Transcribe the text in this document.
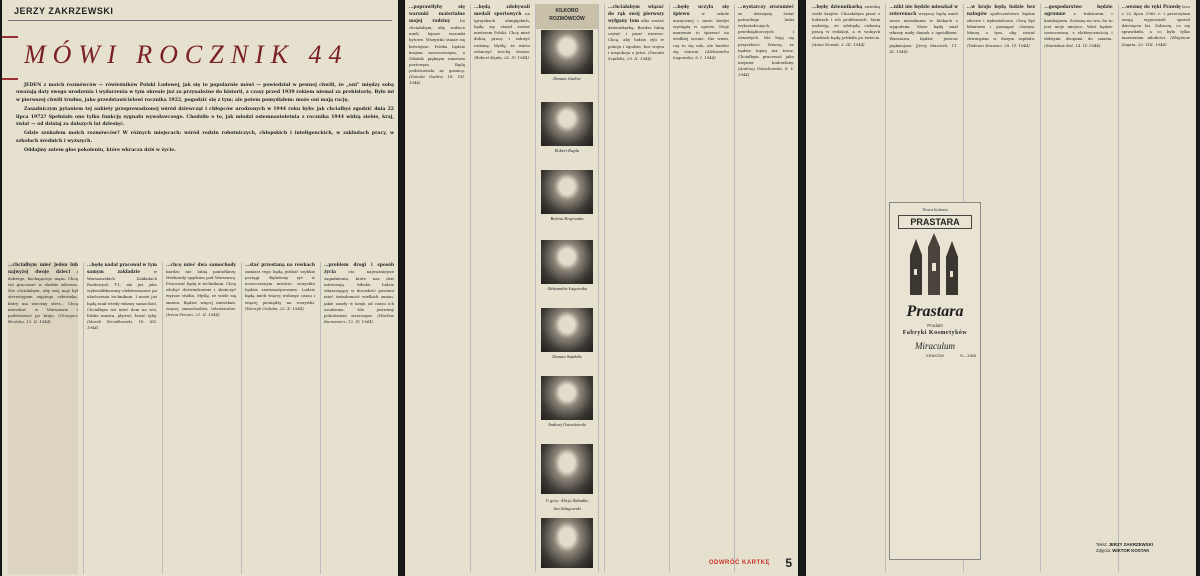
JERZY ZAKRZEWSKI
MÓWI ROCZNIK 44

JEDEN z moich rozmówców — rówieśników Polski Ludowej, jak się to popularnie mówi — powiedział w pewnej chwili, że „oni” między sobą uważają daty swego urodzenia i wydarzenia w tym okresie już za przynależne do historii, a czasy przed 1939 rokiem niemal za prehistorię. Było mi w pierwszej chwili trudno, jako przedstawicielowi rocznika 1922, pogodzić się z tym; ale potem pomyślałem: może oni mają rację.

Zasadniczym pytaniem tej ankiety przeprowadzonej wśród dziewcząt i chłopców urodzonych w 1944 roku było: jak chciałbyś zgodzić dnia 22 lipca 1972? Spełniało ono tylko funkcję sygnału wywoławczego. Chodziło o to, jak młodzi osiemnastoletnia z rocznika 1944 widzą siebie, kraj, świat — od dzisiaj za dalszych lat dziesięć.

Gdzie szukałem moich rozmówców? W różnych miejscach: wśród rodzin robotniczych, chłopskich i inteligenckich, w zakładach pracy, w szkołach średnich i wyższych.

Oddajmy zatem głos pokoleniu, które wkracza dziś w życie.

...chciałbym mieć jeden lub najwyżej dwoje dzieci i dobrego, kochającego męża. Chcę też pracować w służbie zdrowia. Nie chciałabym, aby mój mąż był stereotypem zajętego człowieka, który ma wieczny stres... Chcę mieszkać w Warszawie i podróżować po kraju. (Grzegorz Brzózka, 13. II. 1944)
...będę nadal pracował w tym samym zakładzie	w Warszawskich Zakładach Radiowych T-1, ale już jako wykwalifikowany elektromonter po ukończeniu technikum. I może już będę miał wtedy własny samochód. Chciałbym też mieć dom na wsi, blisko miasta, pływać, łowić ryby. (Marek Strzałkowski, 18. XII. 1944)
...chcę mieć dwa samochody bardzo nie lubię pantoflarzy. Weekendy spędzam pod Warszawą. Pracować będę w technikum. Chcę zdobyć doświadczenie i skończyć wyższe studia. Myślę, że wiele się zmieni. Będzie więcej mieszkań, więcej samochodów, telewizorów. (Irena Perzan, 21. II. 1944)
...stać przestaną na rowkach zamiast tego będą jeździć szybkie pociągi. Będziemy żyć w nowoczesnym mieście, wszystko będzie zautomatyzowane. Ludzie będą mieli więcej wolnego czasu i więcej pieniędzy na rozrywki. (Henryk Ozdoba, 25. X. 1944)
...problem drogi i sposób życia	oto najważniejsze zagadnienia, które nas dziś interesują. Młodzi ludzie wkraczający w dorosłość powinni mieć świadomość wielkich zmian, jakie zaszły w kraju od czasu ich urodzenia. Nie jesteśmy pokoleniem straconym. (Wacław Bursiewicz, 12. IV. 1944)
...poprawiłyby się warunki materialne mojej rodziny	bo chciałabym, aby rodzice mieli lepsze warunki bytowe. Wszystko stanie się łatwiejsze. Polska będzie krajem nowoczesnym, a Gdańsk pięknym miastem portowym. Będę podróżowała za granicę. (Danuta Gadów, 18. VII. 1944)
...będą zdobywali medali sportowych na igrzyskach olimpijskich, będę się starał zostać mistrzem Polski. Chcę mieć dobrą pracę i założyć rodzinę. Myślę, że warto zobaczyć trochę świata. (Robert Kapla, 26. IV. 1944)
KILKORO
ROZMÓWCÓW
Danuta Gadów
Robert Kapla
Bolena Krajewska
Aleksandra Łagowska
Danuta Szpikdis
Andrzej Ostachowski
U góry: Alicja Zabadko
Jan Szlagowski
...chciałabym wiązać do rąk swój pierwszy wyłgany tom albo zostać dziennikarką. Bardzo lubię czytać i pisać wiersze. Chcę, aby ludzie żyli w pokoju i zgodzie, bez wojen i niepokoju o jutro. (Danuta Szpikdis, 29. II. 1944)
...będę uczyła się śpiewu	w szkole muzycznej i może kiedyś wystąpię w operze. Moje marzenie to śpiewać na wielkiej scenie. Nie wiem, czy to się uda, ale bardzo się staram. (Aleksandra Łagowska, 8. I. 1944)
...wystarczy zrozumieć że dzisiejszy świat potrzebuje ludzi wykształconych, przedsiębiorczych i otwartych. Nie boję się przyszłości. Wierzę, że będzie lepiej niż teraz. Chciałbym pracować jako inżynier budowlany. (Andrzej Ostachowski, 8. V. 1944)
ODWRÓĆ KARTKĘ 5
...będę dziennikarką zwiedzę wiele krajów. Chciałabym pisać o ludziach i ich problemach. Mam nadzieję, że zdobędę ciekawą pracę w redakcji, a w wolnych chwilach będę jeździła po świecie. (Anna Nowak, 3. III. 1944)
...nikt nie będzie mieszkał w suterenach wszyscy będą mieli nowe mieszkania w blokach z wygodami. Może będę miał własny mały domek z ogródkiem. Warszawa będzie jeszcze piękniejsza. (Jerzy Mazurek, 11. XI. 1944)
...w kraju będą ludzie bez nałogów społeczeństwo będzie zdrowe i wykształcone. Chcę być lekarzem i pomagać chorym. Marzę o tym, aby zostać chirurgiem w dużym szpitalu. (Tadeusz Krawiec, 28. VI. 1944)
...gospodarstwo będzie ogromne z traktorem i kombajnem. Zostanę na wsi, bo tu jest moje miejsce. Wieś będzie nowoczesna, z elektrycznością i dobrymi drogami do miasta. (Stanisław Kot, 14. IV. 1944)
...wezmę do ręki Prawdę lecz z 22 lipca 1962 r. i przeczytam swoją wypowiedź sprzed dziesięciu lat. Zobaczę, co się sprawdziło, a co było tylko marzeniem młodości. (Zbigniew Zagata, 20. VIII. 1944)
Nowa kolonia
PRASTARA
Prastara
Produkt
Fabryki Kosmetyków
Miraculum
KRAKÓW	R—1966
Tekst: JERZY ZAKRZEWSKI
Zdjęcia: WIKTOR KOSTAK
